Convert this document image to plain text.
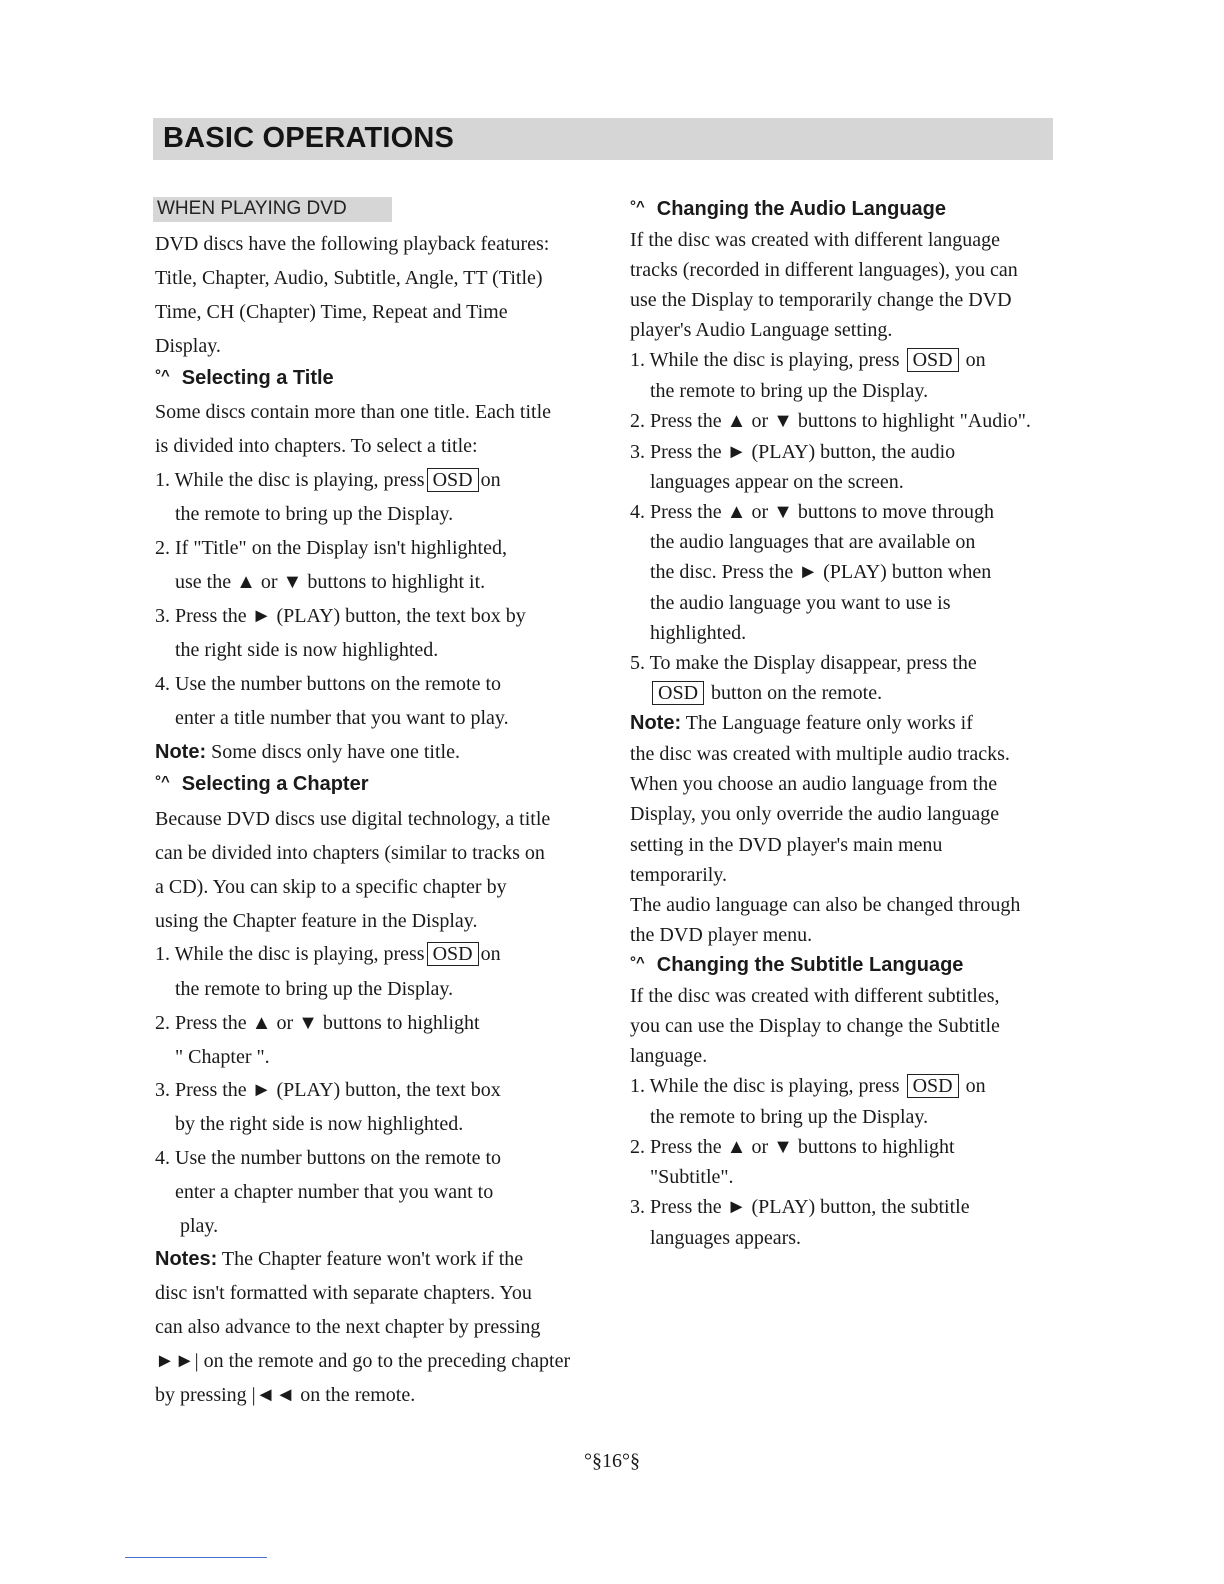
BASIC OPERATIONS
WHEN PLAYING DVD
DVD discs have the following playback features:
Title, Chapter, Audio, Subtitle, Angle, TT (Title)
Time, CH (Chapter) Time, Repeat and Time
Display.
°^ Selecting a Title
Some discs contain more than one title. Each title
is divided into chapters. To select a title:
1. While the disc is playing, press OSD on
the remote to bring up the Display.
2. If "Title" on the Display isn't highlighted,
use the ▲ or ▼ buttons to highlight it.
3. Press the ► (PLAY) button, the text box by
the right side is now highlighted.
4. Use the number buttons on the remote to
enter a title number that you want to play.
Note: Some discs only have one title.
°^ Selecting a Chapter
Because DVD discs use digital technology, a title
can be divided into chapters (similar to tracks on
a CD). You can skip to a specific chapter by
using the Chapter feature in the Display.
1. While the disc is playing, press OSD on
the remote to bring up the Display.
2. Press the ▲ or ▼ buttons to highlight
" Chapter ".
3. Press the ► (PLAY) button, the text box
by the right side is now highlighted.
4. Use the number buttons on the remote to
enter a chapter number that you want to
play.
Notes: The Chapter feature won't work if the
disc isn't formatted with separate chapters. You
can also advance to the next chapter by pressing
►►| on the remote and go to the preceding chapter
by pressing |◄◄ on the remote.
°^ Changing the Audio Language
If the disc was created with different language
tracks (recorded in different languages), you can
use the Display to temporarily change the DVD
player's Audio Language setting.
1. While the disc is playing, press OSD on
the remote to bring up the Display.
2. Press the ▲ or ▼ buttons to highlight "Audio".
3. Press the ► (PLAY) button, the audio
languages appear on the screen.
4. Press the ▲ or ▼ buttons to move through
the audio languages that are available on
the disc. Press the ► (PLAY) button when
the audio language you want to use is
highlighted.
5. To make the Display disappear, press the
OSD button on the remote.
Note: The Language feature only works if
the disc was created with multiple audio tracks.
When you choose an audio language from the
Display, you only override the audio language
setting in the DVD player's main menu
temporarily.
The audio language can also be changed through
the DVD player menu.
°^ Changing the Subtitle Language
If the disc was created with different subtitles,
you can use the Display to change the Subtitle
language.
1. While the disc is playing, press OSD on
the remote to bring up the Display.
2. Press the ▲ or ▼ buttons to highlight
"Subtitle".
3. Press the ► (PLAY) button, the subtitle
languages appears.
°§16°§
